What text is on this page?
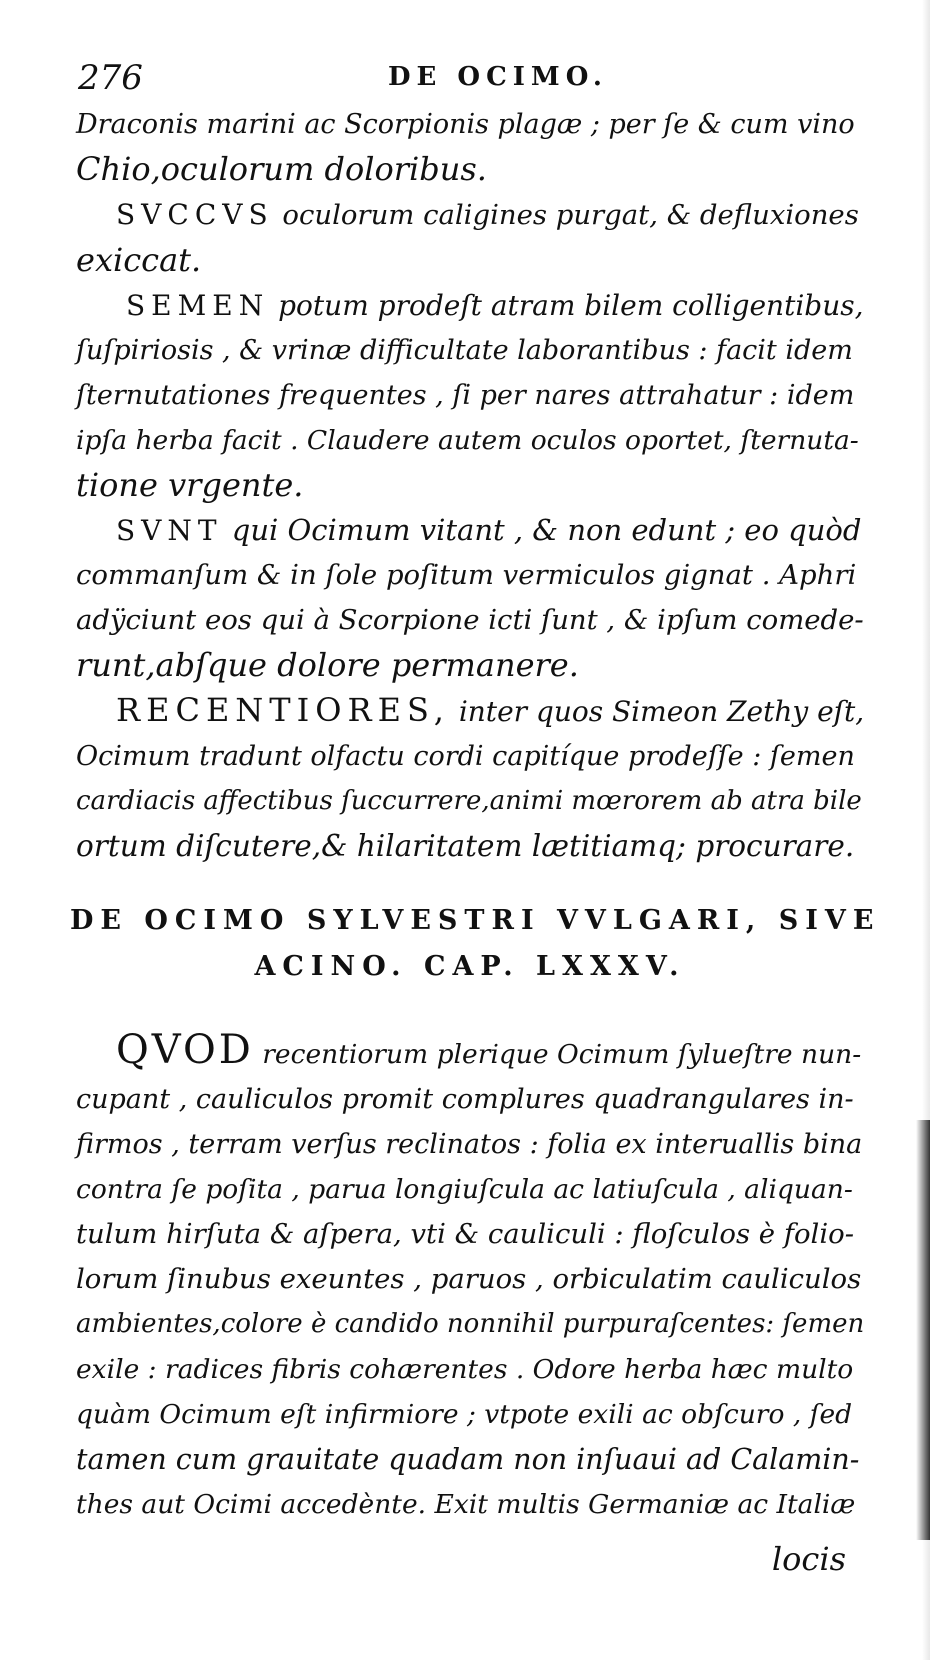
276	DE OCIMO.

Draconis marini ac Scorpionis plagæ ; per ſe & cum vino
Chio,oculorum doloribus.

SVCCVS oculorum caligines purgat, & defluxiones
exiccat.

SEMEN potum prodeſt atram bilem colligentibus,
ſuſpiriosis , & vrinæ difficultate laborantibus : facit idem
ſternutationes frequentes , ſi per nares attrahatur : idem
ipſa herba facit . Claudere autem oculos oportet, ſternuta-
tione vrgente.

SVNT qui Ocimum vitant , & non edunt ; eo quòd
commanſum & in ſole poſitum vermiculos gignat . Aphri
adÿciunt eos qui à Scorpione icti ſunt , & ipſum comede-
runt,abſque dolore permanere.

RECENTIORES, inter quos Simeon Zethy eſt,
Ocimum tradunt olfactu cordi capitíque prodeſſe : ſemen
cardiacis affectibus ſuccurrere,animi mœrorem ab atra bile
ortum diſcutere,& hilaritatem lætitiamq; procurare.

DE OCIMO SYLVESTRI VVLGARI, SIVE
ACINO. CAP. LXXXV.

QVOD recentiorum plerique Ocimum ſylueſtre nun-
cupant , cauliculos promit complures quadrangulares in-
firmos , terram verſus reclinatos : folia ex interuallis bina
contra ſe poſita , parua longiuſcula ac latiuſcula , aliquan-
tulum hirſuta & aſpera, vti & cauliculi : floſculos è foliο-
lorum ſinubus exeuntes , paruos , orbiculatim cauliculos
ambientes,colore è candido nonnihil purpuraſcentes: ſemen
exile : radices fibris cohærentes . Odore herba hæc multo
quàm Ocimum eſt infirmiore ; vtpote exili ac obſcuro , ſed
tamen cum grauitate quadam non inſuaui ad Calamin-
thes aut Ocimi accedènte. Exit multis Germaniæ ac Italiæ

locis
